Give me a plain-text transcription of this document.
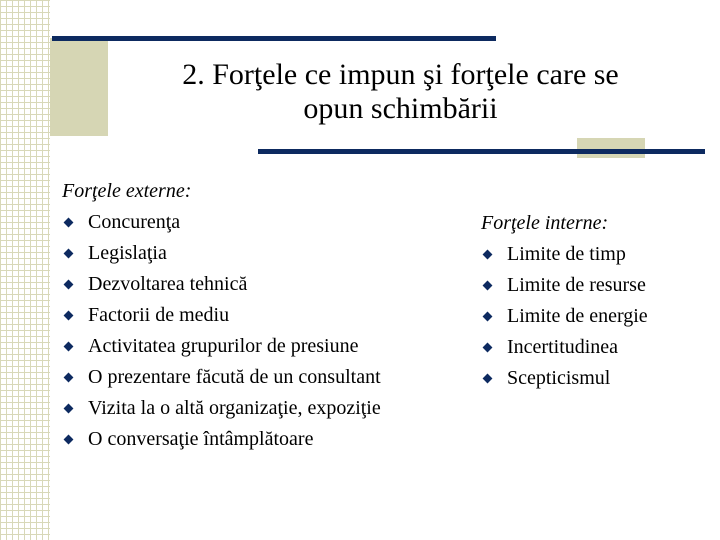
2. Forţele ce impun şi forţele care se
opun schimbării

Forţele externe:

Concurenţa
Legislaţia
Dezvoltarea tehnică
Factorii de mediu
Activitatea grupurilor de presiune
O prezentare făcută de un consultant
Vizita la o altă organizaţie, expoziţie
O conversaţie întâmplătoare

Forţele interne:

Limite de timp
Limite de resurse
Limite de energie
Incertitudinea
Scepticismul
